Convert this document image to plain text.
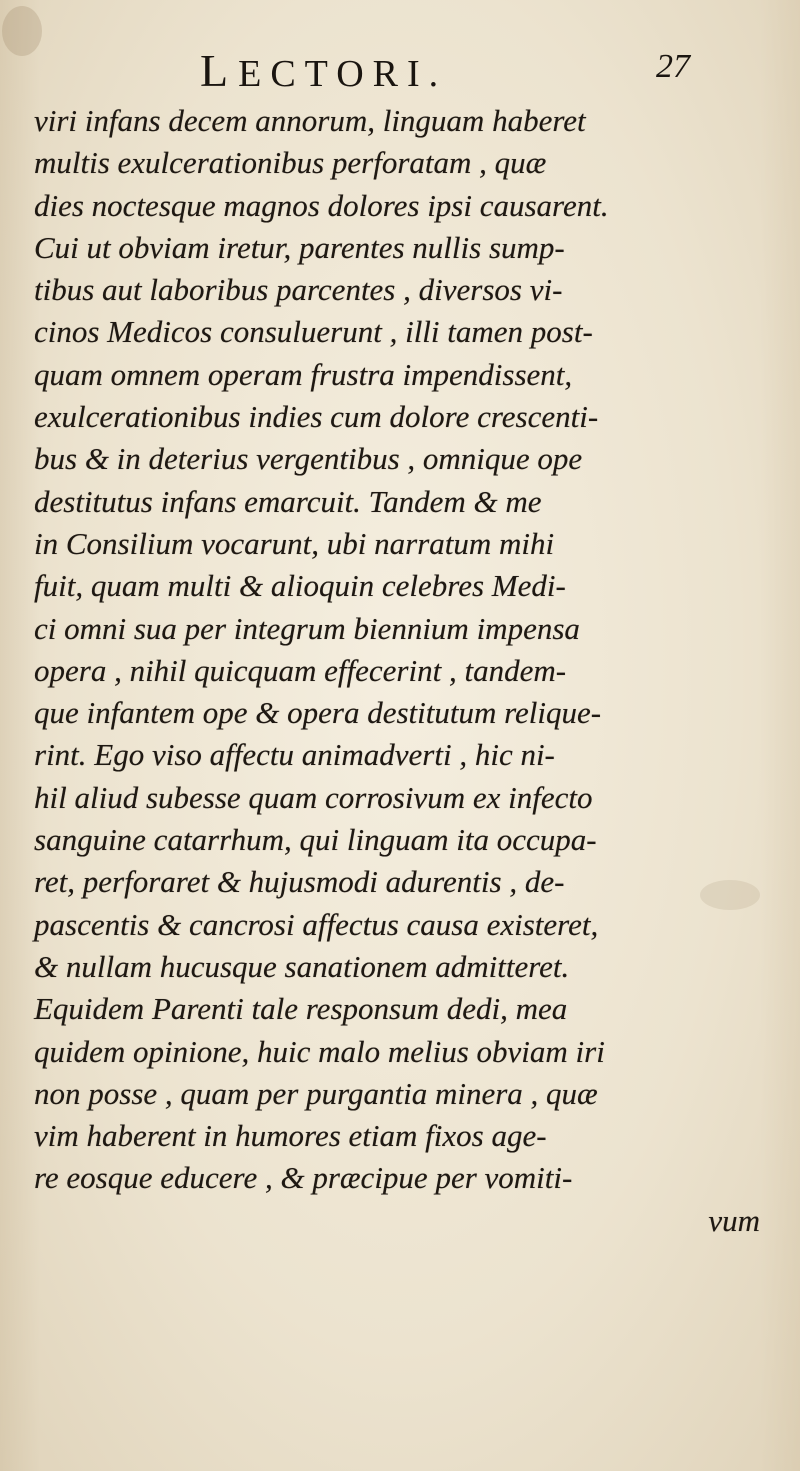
LECTORI.	27
viri infans decem annorum, linguam haberet
multis exulcerationibus perforatam , quæ
dies noctesque magnos dolores ipsi causarent.
Cui ut obviam iretur, parentes nullis sump-
tibus aut laboribus parcentes , diversos vi-
cinos Medicos consuluerunt , illi tamen post-
quam omnem operam frustra impendissent,
exulcerationibus indies cum dolore crescenti-
bus & in deterius vergentibus , omnique ope
destitutus infans emarcuit. Tandem & me
in Consilium vocarunt, ubi narratum mihi
fuit, quam multi & alioquin celebres Medi-
ci omni sua per integrum biennium impensa
opera , nihil quicquam effecerint , tandem-
que infantem ope & opera destitutum relique-
rint. Ego viso affectu animadverti , hic ni-
hil aliud subesse quam corrosivum ex infecto
sanguine catarrhum, qui linguam ita occupa-
ret, perforaret & hujusmodi adurentis , de-
pascentis & cancrosi affectus causa existeret,
& nullam hucusque sanationem admitteret.
Equidem Parenti tale responsum dedi, mea
quidem opinione, huic malo melius obviam iri
non posse , quam per purgantia minera , quæ
vim haberent in humores etiam fixos age-
re eosque educere , & præcipue per vomiti-
vum
